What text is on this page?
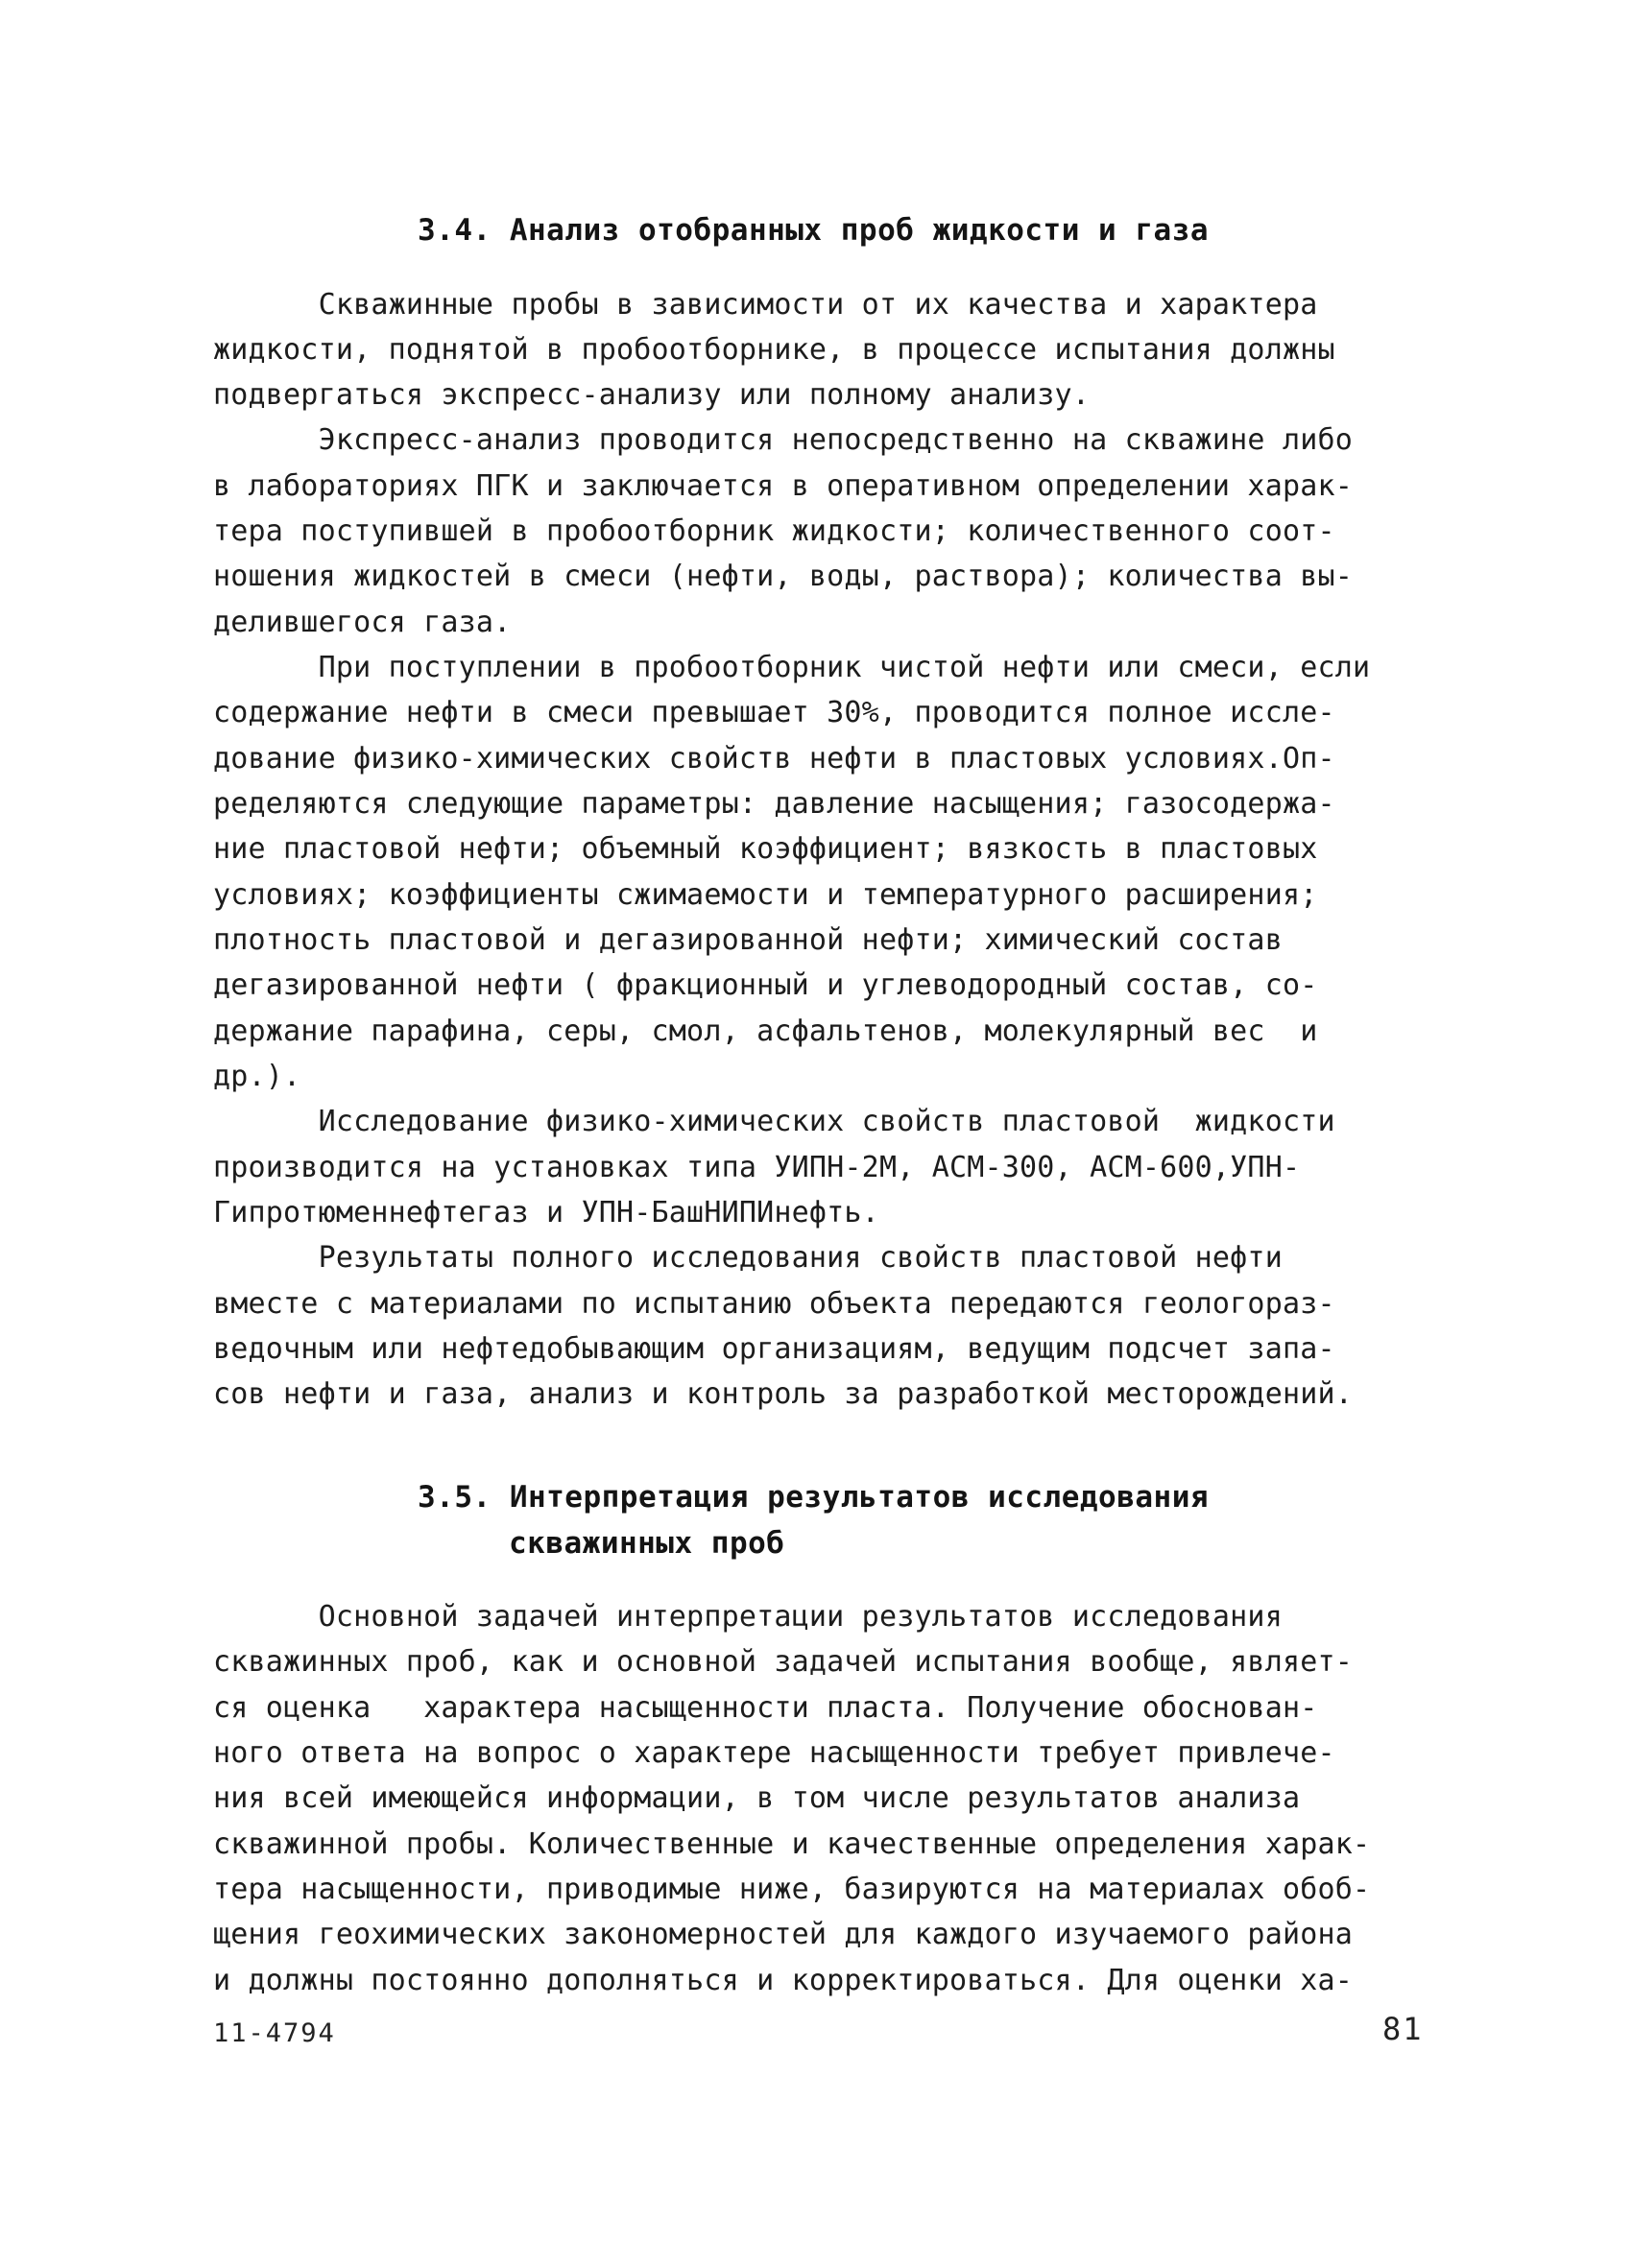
3.4. Анализ отобранных проб жидкости и газа
Скважинные пробы в зависимости от их качества и характера
жидкости, поднятой в пробоотборнике, в процессе испытания должны
подвергаться экспресс-анализу или полному анализу.
Экспресс-анализ проводится непосредственно на скважине либо
в лабораториях ПГК и заключается в оперативном определении харак-
тера поступившей в пробоотборник жидкости; количественного соот-
ношения жидкостей в смеси (нефти, воды, раствора); количества вы-
делившегося газа.
При поступлении в пробоотборник чистой нефти или смеси, если
содержание нефти в смеси превышает 30%, проводится полное иссле-
дование физико-химических свойств нефти в пластовых условиях.Оп-
ределяются следующие параметры: давление насыщения; газосодержа-
ние пластовой нефти; объемный коэффициент; вязкость в пластовых
условиях; коэффициенты сжимаемости и температурного расширения;
плотность пластовой и дегазированной нефти; химический состав
дегазированной нефти ( фракционный и углеводородный состав, со-
держание парафина, серы, смол, асфальтенов, молекулярный вес  и
др.).
Исследование физико-химических свойств пластовой  жидкости
производится на установках типа УИПН-2М, АСМ-300, АСМ-600,УПН-
Гипротюменнефтегаз и УПН-БашНИПИнефть.
Результаты полного исследования свойств пластовой нефти
вместе с материалами по испытанию объекта передаются геологораз-
ведочным или нефтедобывающим организациям, ведущим подсчет запа-
сов нефти и газа, анализ и контроль за разработкой месторождений.
3.5. Интерпретация результатов исследования
скважинных проб
Основной задачей интерпретации результатов исследования
скважинных проб, как и основной задачей испытания вообще, являет-
ся оценка   характера насыщенности пласта. Получение обоснован-
ного ответа на вопрос о характере насыщенности требует привлече-
ния всей имеющейся информации, в том числе результатов анализа
скважинной пробы. Количественные и качественные определения харак-
тера насыщенности, приводимые ниже, базируются на материалах обоб-
щения геохимических закономерностей для каждого изучаемого района
и должны постоянно дополняться и корректироваться. Для оценки ха-
11-4794	81
